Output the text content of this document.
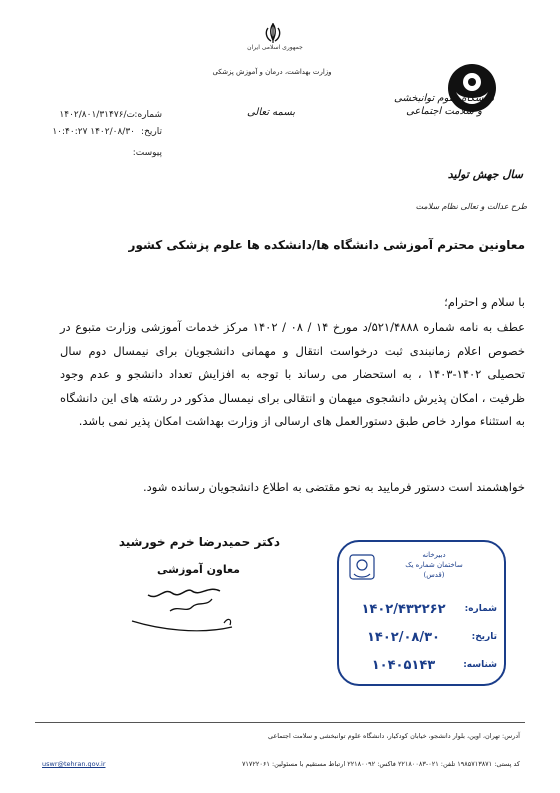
جمهوری اسلامی ایران
وزارت بهداشت، درمان و آموزش پزشکی
بسمه تعالی
دانشگاه علوم توانبخشی و سلامت اجتماعی
شماره:
۱۴۰۲/۸۰۱/ت/۳۱۴۷۶
تاریخ:
۱۰:۴۰:۲۷ ۱۴۰۲/۰۸/۳۰
پیوست:
سال جهش تولید
طرح عدالت و تعالی نظام سلامت
معاونین محترم آموزشی دانشگاه ها/دانشکده ها علوم پزشکی کشور
با سلام و احترام؛
عطف به نامه شماره ۵۲۱/۴۸۸۸/د مورخ ۱۴ / ۰۸ / ۱۴۰۲ مرکز خدمات آموزشی وزارت متبوع در خصوص اعلام زمانبندی ثبت درخواست انتقال و مهمانی دانشجویان برای نیمسال دوم سال تحصیلی ۱۴۰۲-۱۴۰۳ ، به استحضار می رساند با توجه به افزایش تعداد دانشجو و عدم وجود ظرفیت ، امکان پذیرش دانشجوی میهمان و انتقالی برای نیمسال مذکور در رشته های این دانشگاه به استثناء موارد خاص طبق دستورالعمل های ارسالی از وزارت بهداشت امکان پذیر نمی باشد.
خواهشمند است دستور فرمایید به نحو مقتضی به اطلاع دانشجویان رسانده شود.
دکتر حمیدرضا خرم خورشید
معاون آموزشی
دبیرخانه
ساختمان شماره یک
(قدس)
شماره:
۱۴۰۲/۴۳۲۲۶۲
تاریخ:
۱۴۰۲/۰۸/۳۰
شناسه:
۱۰۴۰۵۱۴۳
آدرس: تهران، اوین، بلوار دانشجو، خیابان کودکیار، دانشگاه علوم توانبخشی و سلامت اجتماعی
کد پستی: ۱۹۸۵۷۱۳۸۷۱ تلفن: ۰۲۱-۲۲۱۸۰۰۸۳ فاکس: ۲۲۱۸۰۰۹۲ ارتباط مستقیم با مسئولین: ۷۱۷۲۲۰۶۱
uswr@tehran.gov.ir
